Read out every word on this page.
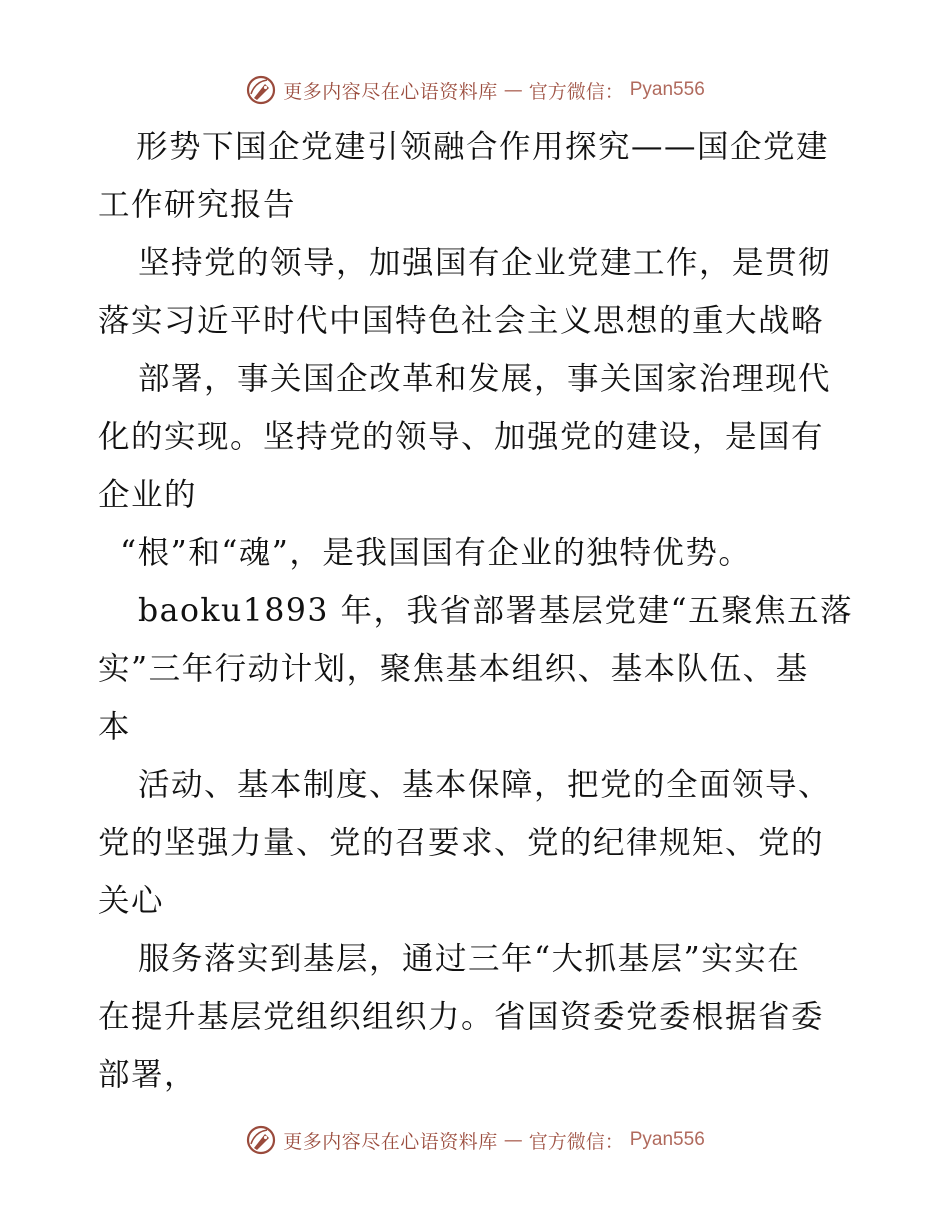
更多内容尽在心语资料库 — 官方微信： Pyan556
形势下国企党建引领融合作用探究——国企党建
工作研究报告
坚持党的领导，加强国有企业党建工作，是贯彻
落实习近平时代中国特色社会主义思想的重大战略
部署，事关国企改革和发展，事关国家治理现代
化的实现。坚持党的领导、加强党的建设，是国有
企业的
“根”和“魂”，是我国国有企业的独特优势。
baoku1893 年，我省部署基层党建“五聚焦五落
实”三年行动计划，聚焦基本组织、基本队伍、基
本
活动、基本制度、基本保障，把党的全面领导、
党的坚强力量、党的召要求、党的纪律规矩、党的
关心
服务落实到基层，通过三年“大抓基层”实实在
在提升基层党组织组织力。省国资委党委根据省委
部署，
更多内容尽在心语资料库 — 官方微信： Pyan556
